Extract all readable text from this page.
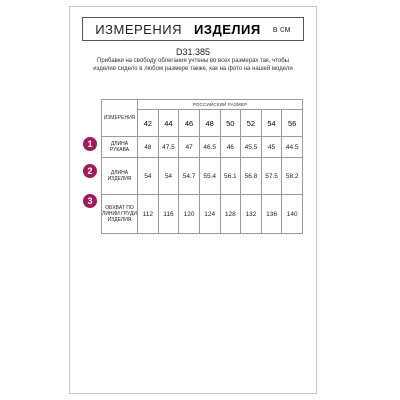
ИЗМЕРЕНИЯ ИЗДЕЛИЯ в см
D31.385
Прибавки на свободу облегания учтены во всех размерах так, чтобы изделие сидело в любом размере также, как на фото на нашей модели
ИЗМЕРЕНИЯ	РОССИЙСКИЙ РАЗМЕР							
	42	44	46	48	50	52	54	56
ДЛИНА РУКАВА	48	47.5	47	46.5	46	45.5	45	44.5
ДЛИНА ИЗДЕЛИЯ	54	54	54.7	55.4	56.1	56.8	57.5	58.2
ОБХВАТ ПО ЛИНИИ ГРУДИ ИЗДЕЛИЯ	112	116	120	124	128	132	136	140
1
2
3
